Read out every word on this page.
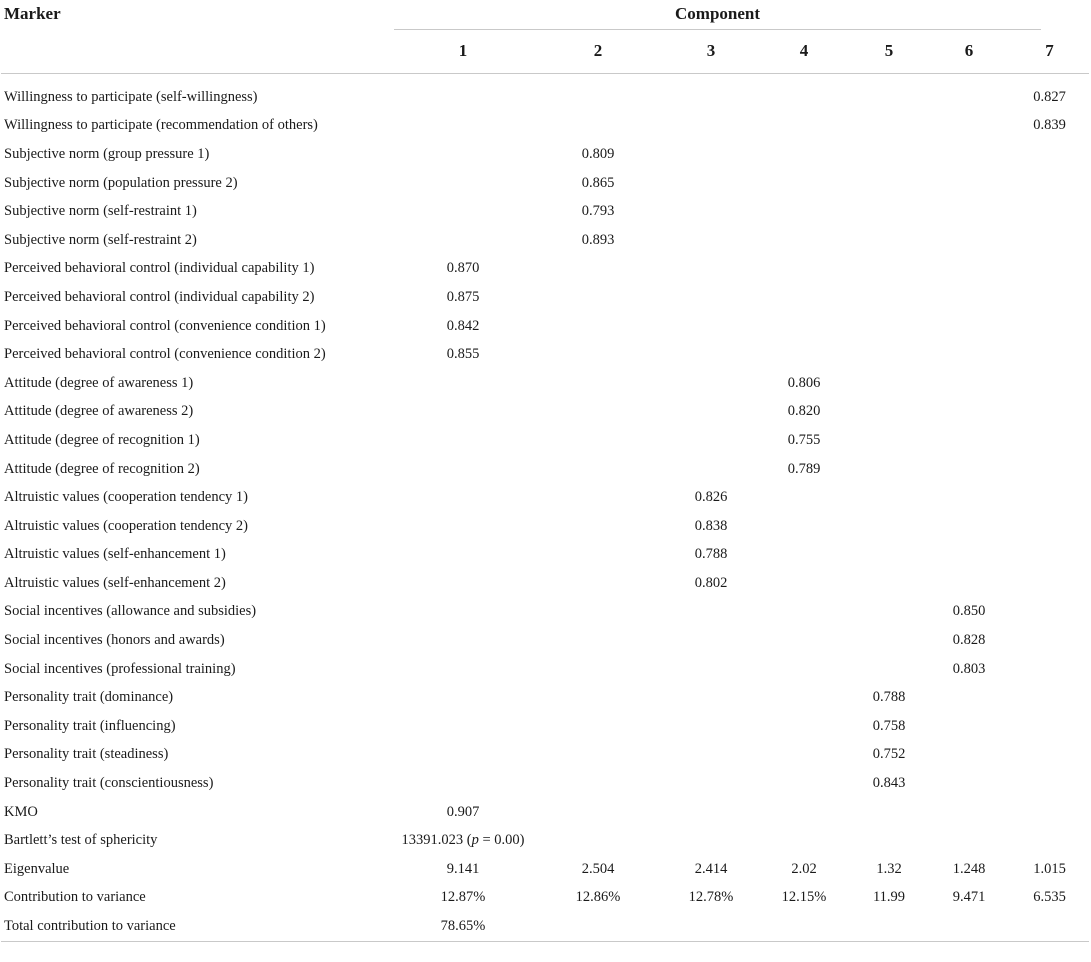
Marker	Component						
	1	2	3	4	5	6	7
Willingness to participate (self-willingness)							0.827
Willingness to participate (recommendation of others)							0.839
Subjective norm (group pressure 1)		0.809					
Subjective norm (population pressure 2)		0.865					
Subjective norm (self-restraint 1)		0.793					
Subjective norm (self-restraint 2)		0.893					
Perceived behavioral control (individual capability 1)	0.870						
Perceived behavioral control (individual capability 2)	0.875						
Perceived behavioral control (convenience condition 1)	0.842						
Perceived behavioral control (convenience condition 2)	0.855						
Attitude (degree of awareness 1)				0.806			
Attitude (degree of awareness 2)				0.820			
Attitude (degree of recognition 1)				0.755			
Attitude (degree of recognition 2)				0.789			
Altruistic values (cooperation tendency 1)			0.826				
Altruistic values (cooperation tendency 2)			0.838				
Altruistic values (self-enhancement 1)			0.788				
Altruistic values (self-enhancement 2)			0.802				
Social incentives (allowance and subsidies)						0.850	
Social incentives (honors and awards)						0.828	
Social incentives (professional training)						0.803	
Personality trait (dominance)					0.788		
Personality trait (influencing)					0.758		
Personality trait (steadiness)					0.752		
Personality trait (conscientiousness)					0.843		
KMO	0.907						
Bartlett’s test of sphericity	13391.023 (p = 0.00)						
Eigenvalue	9.141	2.504	2.414	2.02	1.32	1.248	1.015
Contribution to variance	12.87%	12.86%	12.78%	12.15%	11.99	9.471	6.535
Total contribution to variance	78.65%						
